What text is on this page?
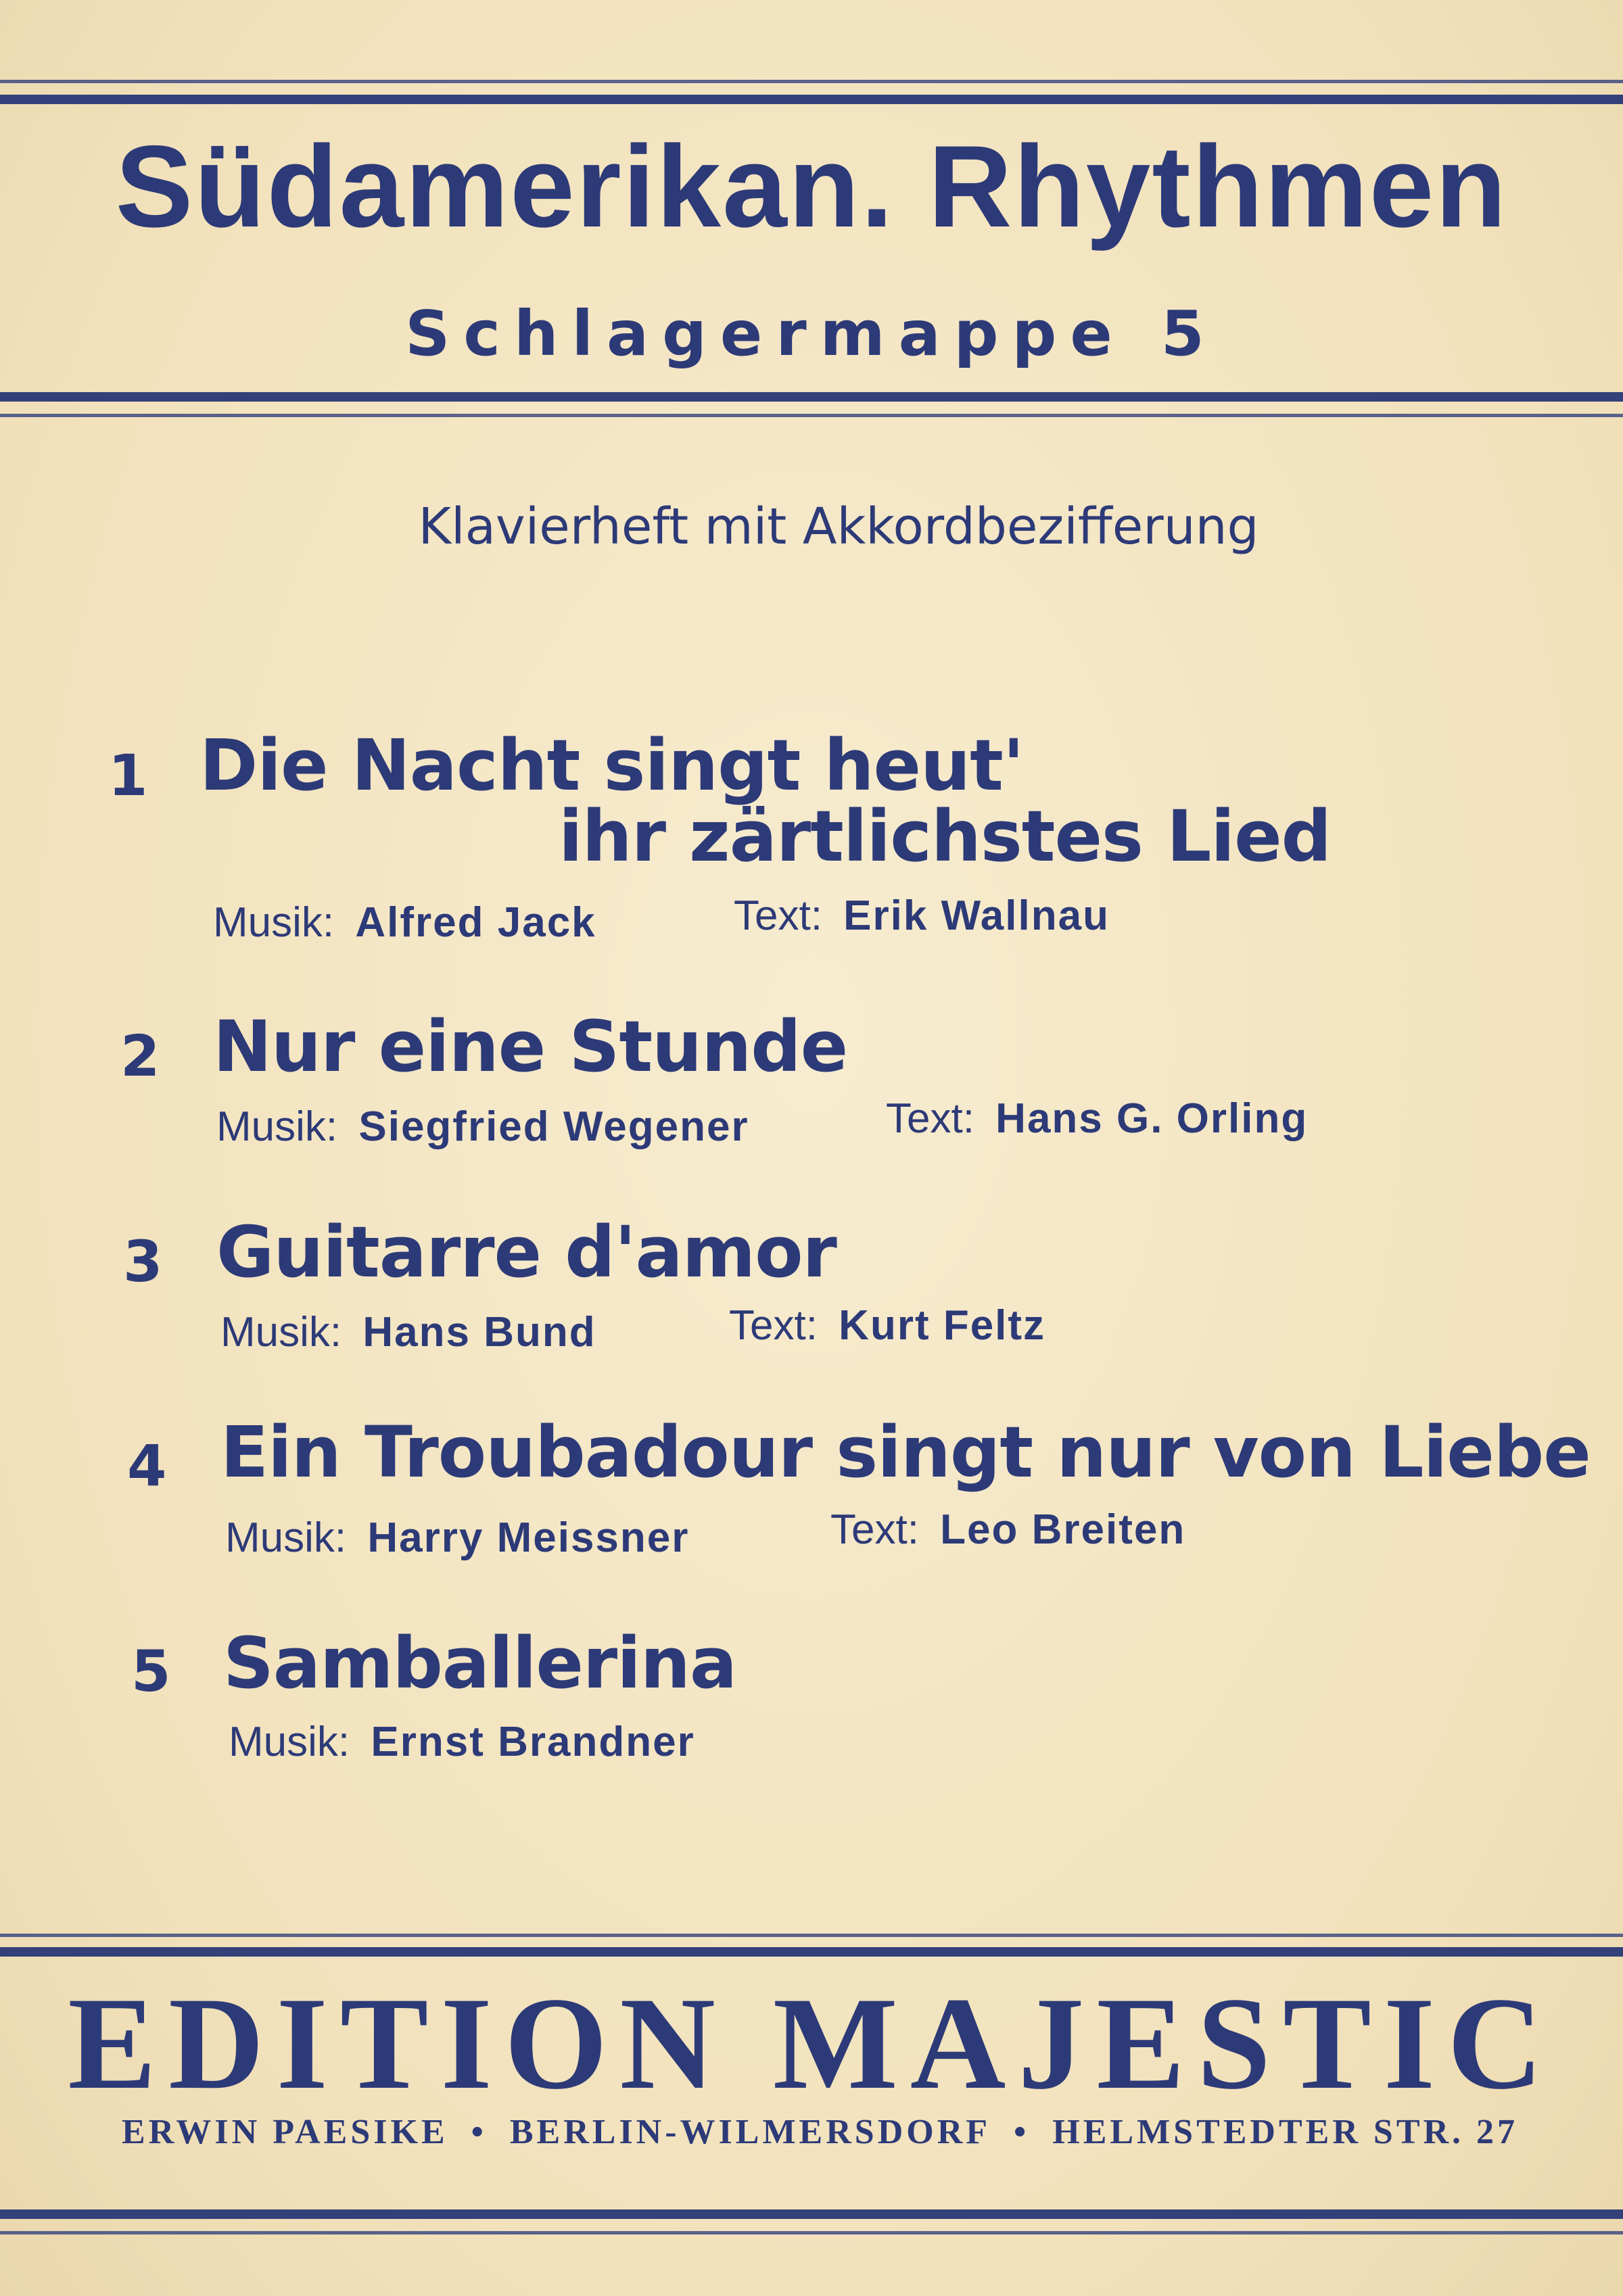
Südamerikan. Rhythmen
Schlagermappe 5
Klavierheft mit Akkordbezifferung
1 Die Nacht singt heut'
ihr zärtlichstes Lied
Musik: Alfred Jack	Text: Erik Wallnau
2 Nur eine Stunde
Musik: Siegfried Wegener	Text: Hans G. Orling
3 Guitarre d'amor
Musik: Hans Bund	Text: Kurt Feltz
4 Ein Troubadour singt nur von Liebe
Musik: Harry Meissner	Text: Leo Breiten
5 Samballerina
Musik: Ernst Brandner
EDITION MAJESTIC
ERWIN PAESIKE • BERLIN-WILMERSDORF • HELMSTEDTER STR. 27
